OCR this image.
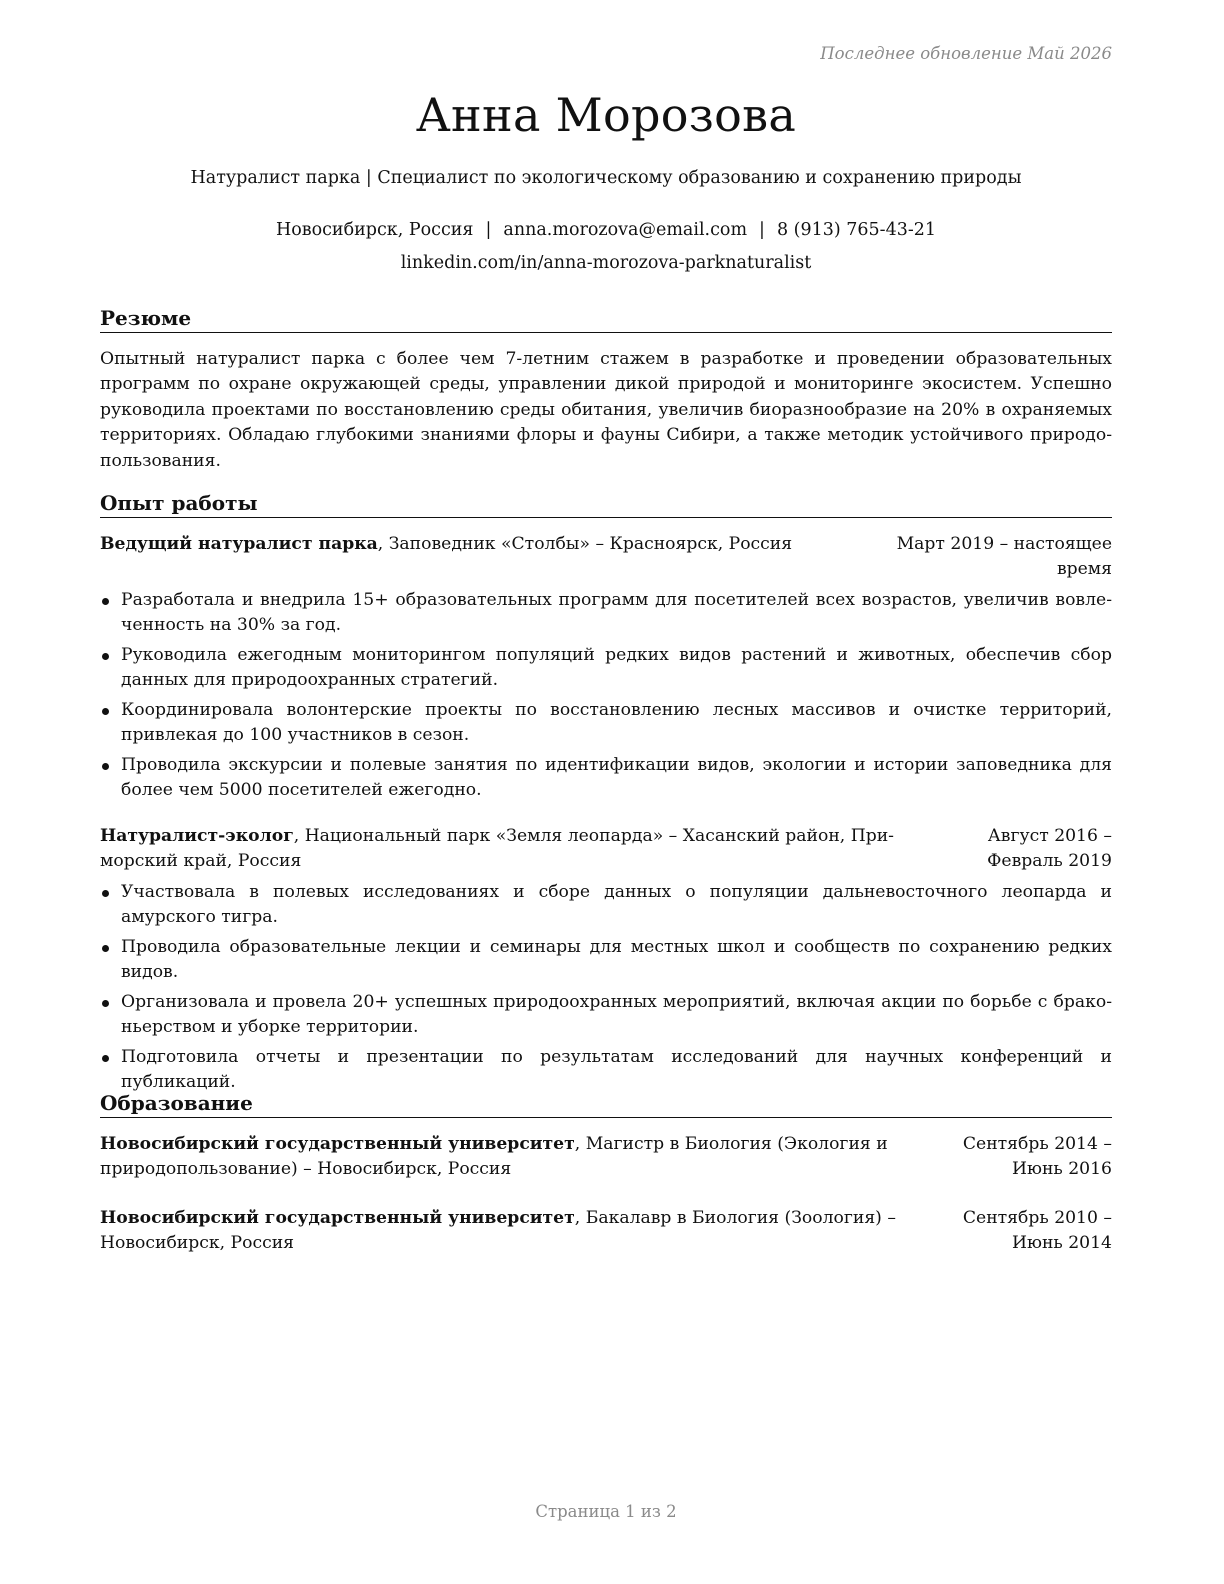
Последнее обновление Май 2026
Анна Морозова
Натуралист парка | Специалист по экологическому образованию и сохранению природы
Новосибирск, Россия | anna.morozova@email.com | 8 (913) 765-43-21
linkedin.com/in/anna-morozova-parknaturalist
Резюме
Опытный натуралист парка с более чем 7-летним стажем в разработке и проведении образовательных программ по охране окружающей среды, управлении дикой природой и мониторинге экосистем. Успешно руководила проектами по восстановлению среды обитания, увеличив биоразнообразие на 20% в охраняемых территориях. Обладаю глубокими знаниями флоры и фауны Сибири, а также методик устойчивого природопользования.
Опыт работы
Ведущий натуралист парка, Заповедник «Столбы» – Красноярск, Россия	Март 2019 – настоящее время
Разработала и внедрила 15+ образовательных программ для посетителей всех возрастов, увеличив вовлеченность на 30% за год.
Руководила ежегодным мониторингом популяций редких видов растений и животных, обеспечив сбор данных для природоохранных стратегий.
Координировала волонтерские проекты по восстановлению лесных массивов и очистке территорий, привлекая до 100 участников в сезон.
Проводила экскурсии и полевые занятия по идентификации видов, экологии и истории заповедника для более чем 5000 посетителей ежегодно.
Натуралист-эколог, Национальный парк «Земля леопарда» – Хасанский район, Приморский край, Россия
Август 2016 – Февраль 2019
Участвовала в полевых исследованиях и сборе данных о популяции дальневосточного леопарда и амурского тигра.
Проводила образовательные лекции и семинары для местных школ и сообществ по сохранению редких видов.
Организовала и провела 20+ успешных природоохранных мероприятий, включая акции по борьбе с браконьерством и уборке территории.
Подготовила отчеты и презентации по результатам исследований для научных конференций и публикаций.
Образование
Новосибирский государственный университет, Магистр в Биология (Экология и природопользование) – Новосибирск, Россия
Сентябрь 2014 – Июнь 2016
Новосибирский государственный университет, Бакалавр в Биология (Зоология) – Новосибирск, Россия
Сентябрь 2010 – Июнь 2014
Страница 1 из 2
